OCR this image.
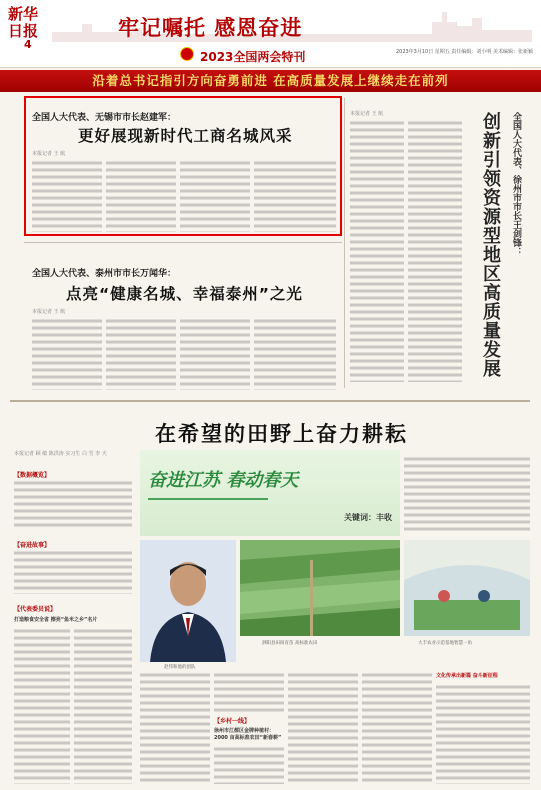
新华日报
4
牢记嘱托 感恩奋进
2023全国两会特刊	2023年3月10日 星期五 责任编辑：刘小明 美术编辑：张新颖
沿着总书记指引方向奋勇前进 在高质量发展上继续走在前列
全国人大代表、无锡市市长赵建军：
更好展现新时代工商名城风采
本报记者 王 航
本报记者 王 航	创新引领资源型地区高质量发展	全国人大代表、徐州市市长王剑锋：
全国人大代表、泰州市市长万闻华：
点亮“健康名城、幸福泰州”之光
本报记者 王 航
在希望的田野上奋力耕耘
本报记者 顾 敏 陈洪涛 实习生 白 雪 李 天
奋进江苏 春动春天
关键词：丰收
【数据概览】
【奋进故事】
【代表委员说】
打造粮食安全省 擦亮“鱼米之乡”名片
赵伟和他的团队
泗阳县田间育苗 高标准农田	大丰农业示范基地智慧一角
【乡村一线】
徐州市江都区金牌种植村：2000 亩高标准农田“新春耕”
文化传承出新篇 奋斗新征程
